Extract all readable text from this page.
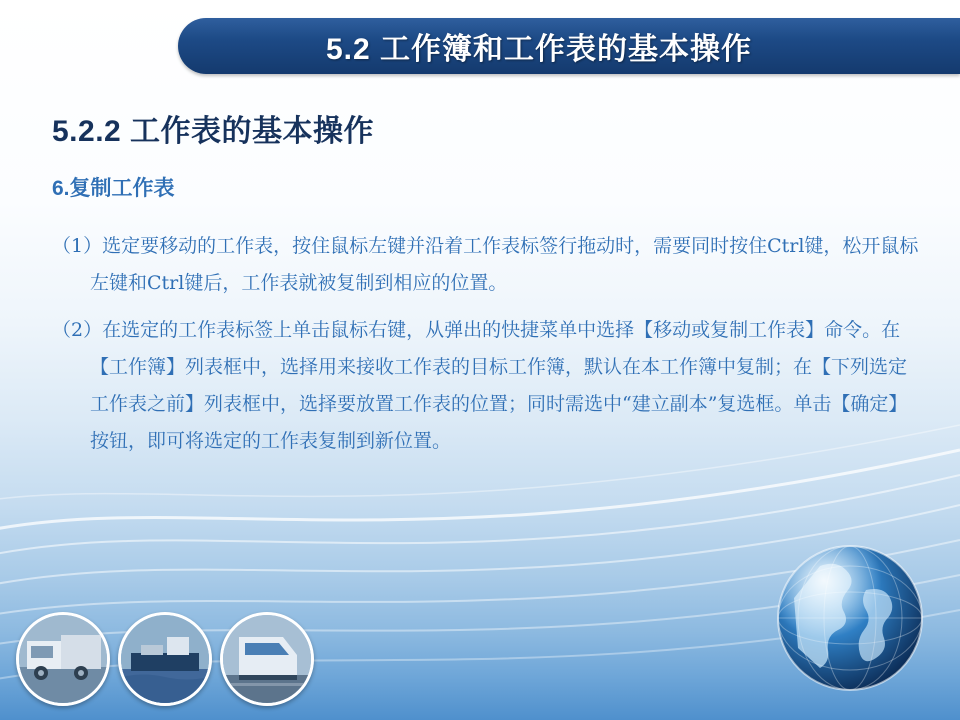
5.2 工作簿和工作表的基本操作
5.2.2 工作表的基本操作
6.复制工作表
（1）选定要移动的工作表，按住鼠标左键并沿着工作表标签行拖动时，需要同时按住Ctrl键，松开鼠标左键和Ctrl键后，工作表就被复制到相应的位置。
（2）在选定的工作表标签上单击鼠标右键，从弹出的快捷菜单中选择【移动或复制工作表】命令。在【工作簿】列表框中，选择用来接收工作表的目标工作簿，默认在本工作簿中复制；在【下列选定工作表之前】列表框中，选择要放置工作表的位置；同时需选中“建立副本”复选框。单击【确定】按钮，即可将选定的工作表复制到新位置。
